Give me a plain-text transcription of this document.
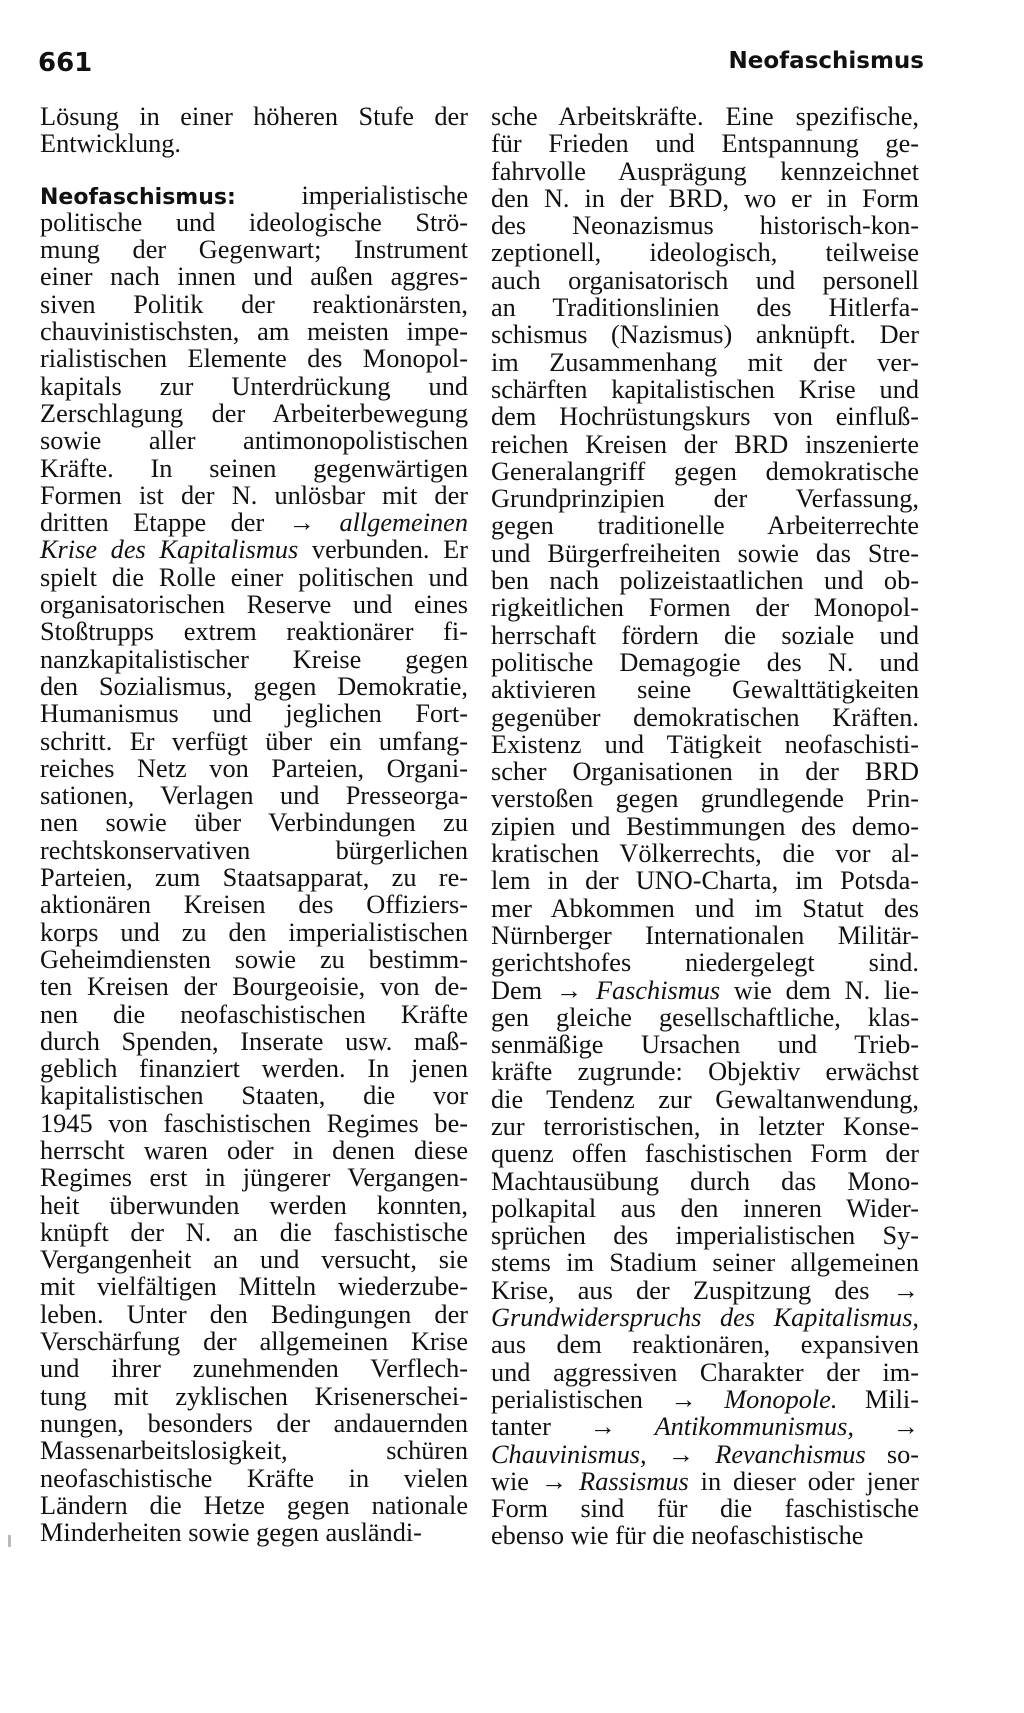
661	Neofaschismus
Lösung in einer höheren Stufe der
Entwicklung.
Neofaschismus: imperialistische
politische und ideologische Strö-
mung der Gegenwart; Instrument
einer nach innen und außen aggres-
siven Politik der reaktionärsten,
chauvinistischsten, am meisten impe-
rialistischen Elemente des Monopol-
kapitals zur Unterdrückung und
Zerschlagung der Arbeiterbewegung
sowie aller antimonopolistischen
Kräfte. In seinen gegenwärtigen
Formen ist der N. unlösbar mit der
dritten Etappe der → allgemeinen
Krise des Kapitalismus verbunden. Er
spielt die Rolle einer politischen und
organisatorischen Reserve und eines
Stoßtrupps extrem reaktionärer fi-
nanzkapitalistischer Kreise gegen
den Sozialismus, gegen Demokratie,
Humanismus und jeglichen Fort-
schritt. Er verfügt über ein umfang-
reiches Netz von Parteien, Organi-
sationen, Verlagen und Presseorga-
nen sowie über Verbindungen zu
rechtskonservativen bürgerlichen
Parteien, zum Staatsapparat, zu re-
aktionären Kreisen des Offiziers-
korps und zu den imperialistischen
Geheimdiensten sowie zu bestimm-
ten Kreisen der Bourgeoisie, von de-
nen die neofaschistischen Kräfte
durch Spenden, Inserate usw. maß-
geblich finanziert werden. In jenen
kapitalistischen Staaten, die vor
1945 von faschistischen Regimes be-
herrscht waren oder in denen diese
Regimes erst in jüngerer Vergangen-
heit überwunden werden konnten,
knüpft der N. an die faschistische
Vergangenheit an und versucht, sie
mit vielfältigen Mitteln wiederzube-
leben. Unter den Bedingungen der
Verschärfung der allgemeinen Krise
und ihrer zunehmenden Verflech-
tung mit zyklischen Krisenerschei-
nungen, besonders der andauernden
Massenarbeitslosigkeit, schüren
neofaschistische Kräfte in vielen
Ländern die Hetze gegen nationale
Minderheiten sowie gegen ausländi-
sche Arbeitskräfte. Eine spezifische,
für Frieden und Entspannung ge-
fahrvolle Ausprägung kennzeichnet
den N. in der BRD, wo er in Form
des Neonazismus historisch-kon-
zeptionell, ideologisch, teilweise
auch organisatorisch und personell
an Traditionslinien des Hitlerfa-
schismus (Nazismus) anknüpft. Der
im Zusammenhang mit der ver-
schärften kapitalistischen Krise und
dem Hochrüstungskurs von einfluß-
reichen Kreisen der BRD inszenierte
Generalangriff gegen demokratische
Grundprinzipien der Verfassung,
gegen traditionelle Arbeiterrechte
und Bürgerfreiheiten sowie das Stre-
ben nach polizeistaatlichen und ob-
rigkeitlichen Formen der Monopol-
herrschaft fördern die soziale und
politische Demagogie des N. und
aktivieren seine Gewalttätigkeiten
gegenüber demokratischen Kräften.
Existenz und Tätigkeit neofaschisti-
scher Organisationen in der BRD
verstoßen gegen grundlegende Prin-
zipien und Bestimmungen des demo-
kratischen Völkerrechts, die vor al-
lem in der UNO-Charta, im Potsda-
mer Abkommen und im Statut des
Nürnberger Internationalen Militär-
gerichtshofes niedergelegt sind.
Dem → Faschismus wie dem N. lie-
gen gleiche gesellschaftliche, klas-
senmäßige Ursachen und Trieb-
kräfte zugrunde: Objektiv erwächst
die Tendenz zur Gewaltanwendung,
zur terroristischen, in letzter Konse-
quenz offen faschistischen Form der
Machtausübung durch das Mono-
polkapital aus den inneren Wider-
sprüchen des imperialistischen Sy-
stems im Stadium seiner allgemeinen
Krise, aus der Zuspitzung des →
Grundwiderspruchs des Kapitalismus,
aus dem reaktionären, expansiven
und aggressiven Charakter der im-
perialistischen → Monopole. Mili-
tanter → Antikommunismus, →
Chauvinismus, → Revanchismus so-
wie → Rassismus in dieser oder jener
Form sind für die faschistische
ebenso wie für die neofaschistische
